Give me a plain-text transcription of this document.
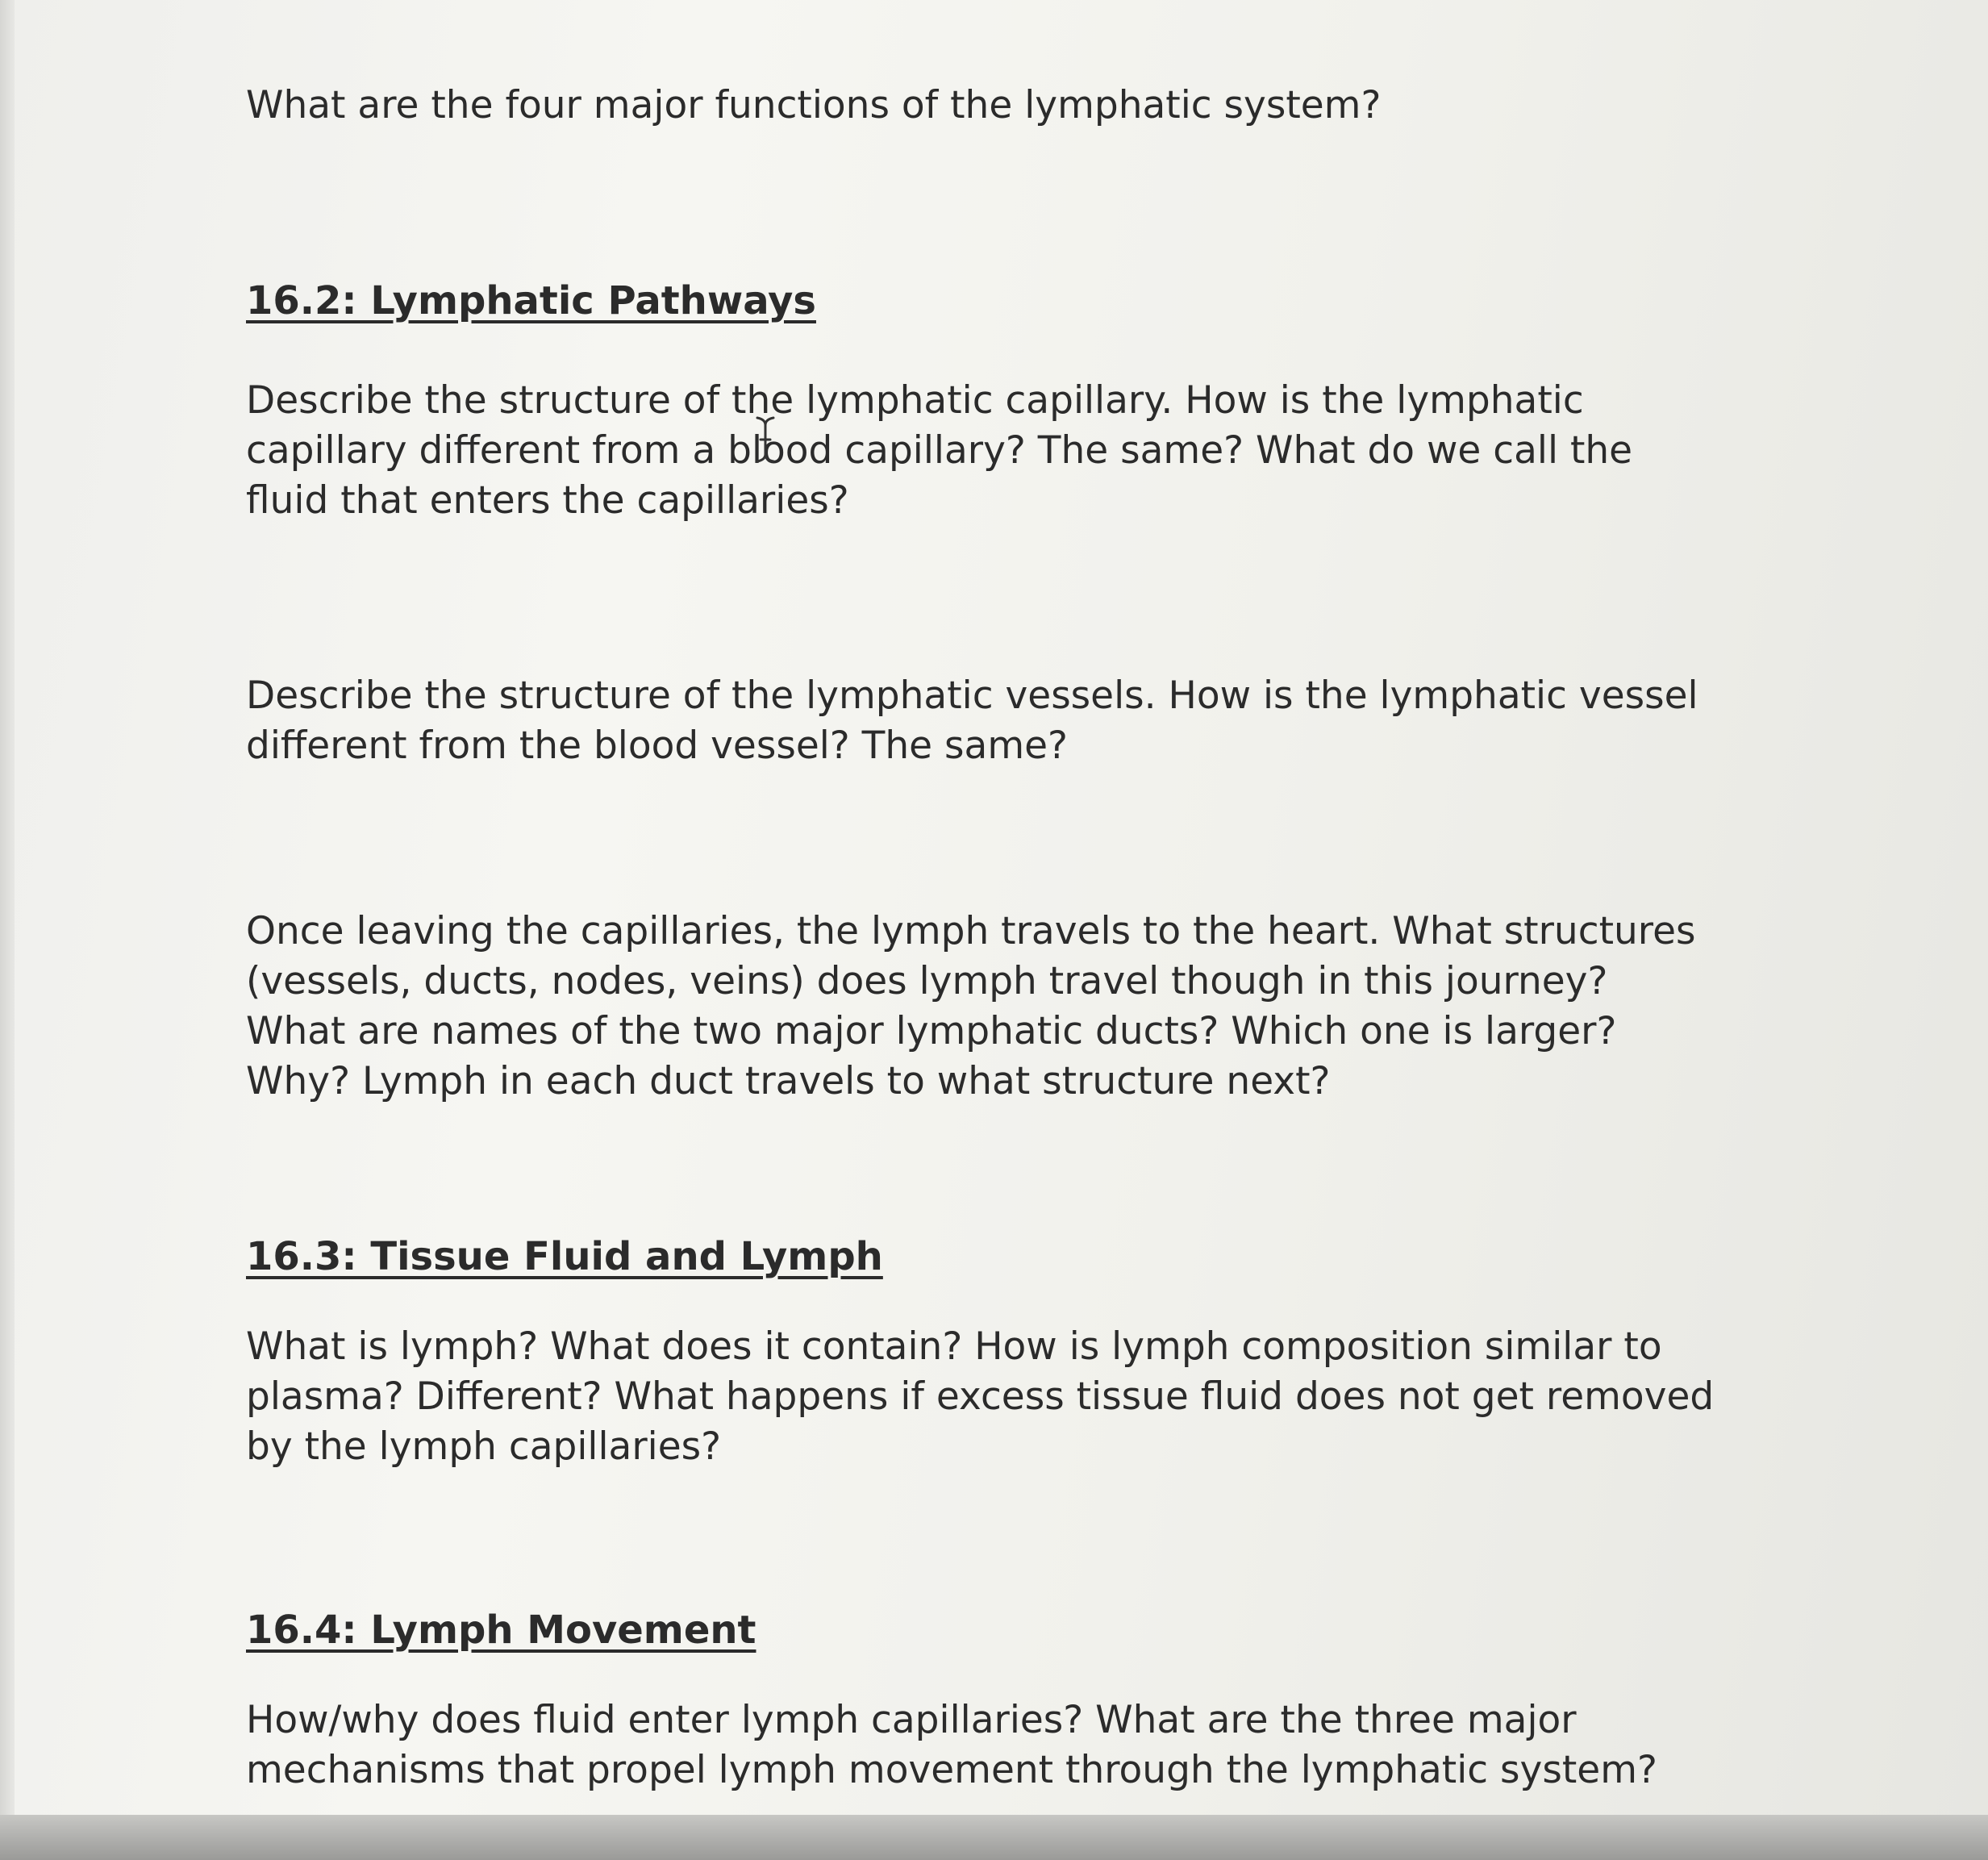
What are the four major functions of the lymphatic system?

16.2: Lymphatic Pathways

Describe the structure of the lymphatic capillary. How is the lymphatic
capillary different from a blood capillary? The same? What do we call the
fluid that enters the capillaries?

Describe the structure of the lymphatic vessels. How is the lymphatic vessel
different from the blood vessel? The same?

Once leaving the capillaries, the lymph travels to the heart. What structures
(vessels, ducts, nodes, veins) does lymph travel though in this journey?
What are names of the two major lymphatic ducts? Which one is larger?
Why? Lymph in each duct travels to what structure next?

16.3: Tissue Fluid and Lymph

What is lymph? What does it contain? How is lymph composition similar to
plasma? Different? What happens if excess tissue fluid does not get removed
by the lymph capillaries?

16.4: Lymph Movement

How/why does fluid enter lymph capillaries? What are the three major
mechanisms that propel lymph movement through the lymphatic system?
